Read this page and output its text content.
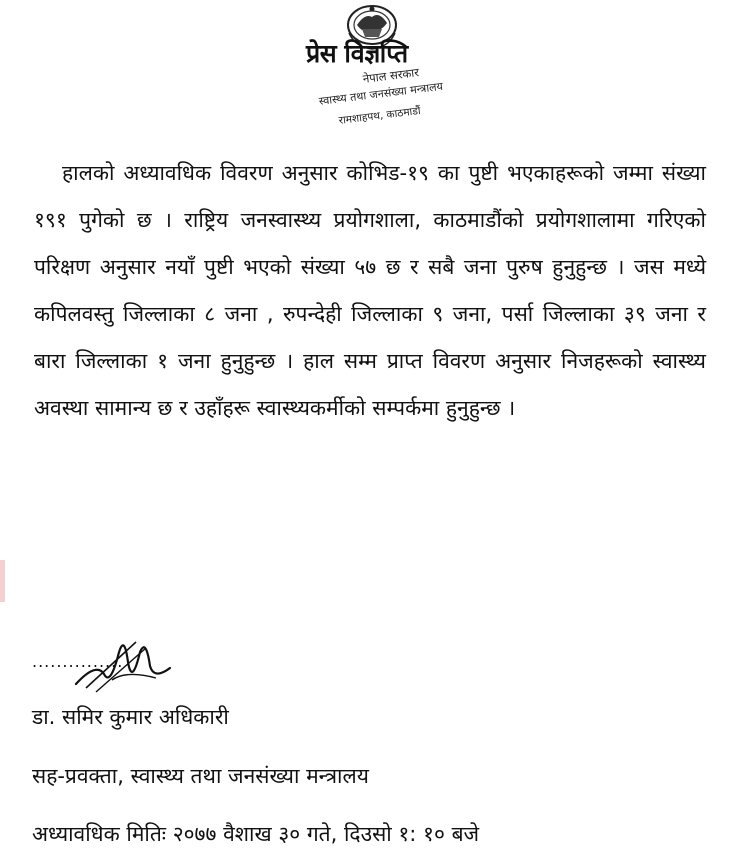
प्रेस विज्ञप्ति
नेपाल सरकार
स्वास्थ्य तथा जनसंख्या मन्त्रालय
रामशाहपथ, काठमाडौं
हालको अध्यावधिक विवरण अनुसार कोभिड-१९ का पुष्टी भएकाहरूको जम्मा संख्या १९१ पुगेको छ । राष्ट्रिय जनस्वास्थ्य प्रयोगशाला, काठमाडौंको प्रयोगशालामा गरिएको परिक्षण अनुसार नयाँ पुष्टी भएको संख्या ५७ छ र सबै जना पुरुष हुनुहुन्छ । जस मध्ये कपिलवस्तु जिल्लाका ८ जना , रुपन्देही जिल्लाका ९ जना, पर्सा जिल्लाका ३९ जना र बारा जिल्लाका १ जना हुनुहुन्छ । हाल सम्म प्राप्त विवरण अनुसार निजहरूको स्वास्थ्य अवस्था सामान्य छ र उहाँहरू स्वास्थ्यकर्मीको सम्पर्कमा हुनुहुन्छ ।
...............
डा. समिर कुमार अधिकारी
सह-प्रवक्ता, स्वास्थ्य तथा जनसंख्या मन्त्रालय
अध्यावधिक मितिः २०७७ वैशाख ३० गते, दिउसो १: १० बजे
